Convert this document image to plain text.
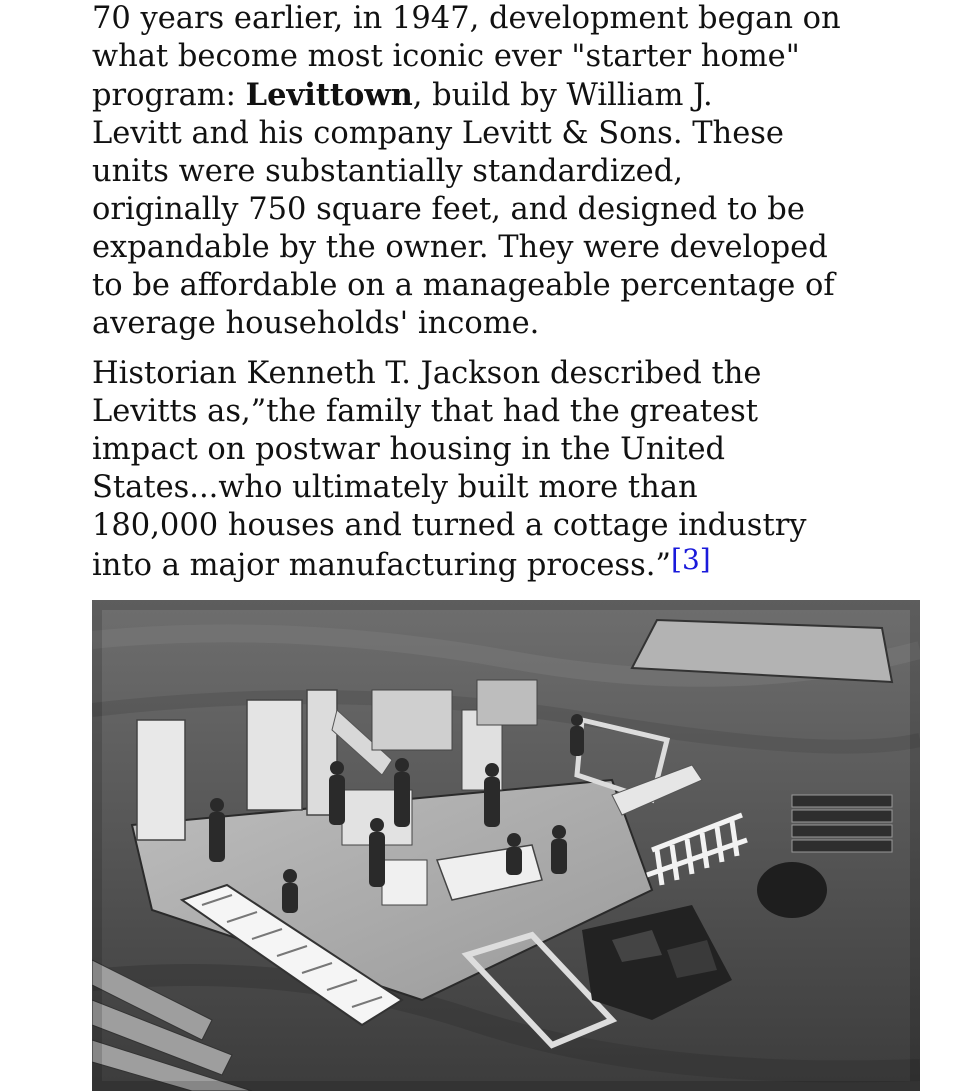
70 years earlier, in 1947, development began on
what become most iconic ever "starter home"
program: Levittown, build by William J.
Levitt and his company Levitt & Sons. These
units were substantially standardized,
originally 750 square feet, and designed to be
expandable by the owner. They were developed
to be affordable on a manageable percentage of
average households' income.

Historian Kenneth T. Jackson described the
Levitts as,”the family that had the greatest
impact on postwar housing in the United
States...who ultimately built more than
180,000 houses and turned a cottage industry
into a major manufacturing process.”[3]
